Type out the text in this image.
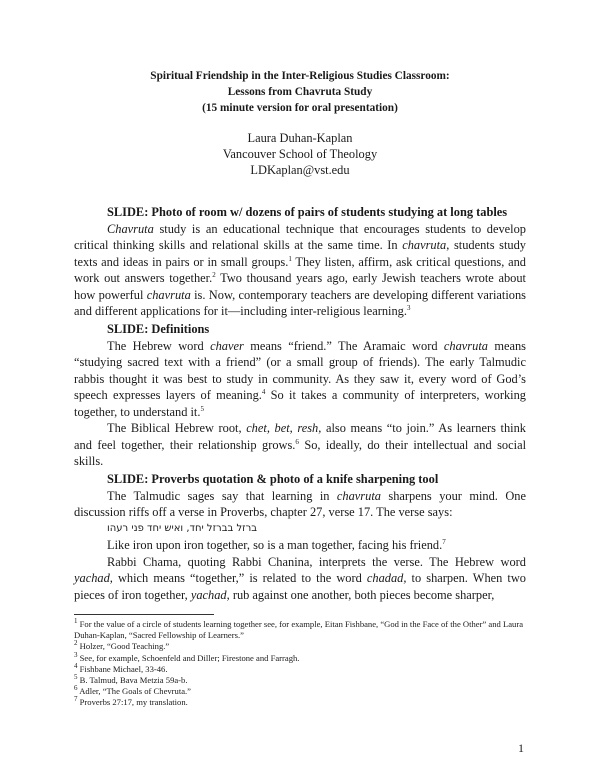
Spiritual Friendship in the Inter-Religious Studies Classroom:
Lessons from Chavruta Study
(15 minute version for oral presentation)
Laura Duhan-Kaplan
Vancouver School of Theology
LDKaplan@vst.edu
SLIDE: Photo of room w/ dozens of pairs of students studying at long tables

Chavruta study is an educational technique that encourages students to develop critical thinking skills and relational skills at the same time. In chavruta, students study texts and ideas in pairs or in small groups.$^1$ They listen, affirm, ask critical questions, and work out answers together.$^2$ Two thousand years ago, early Jewish teachers wrote about how powerful chavruta is. Now, contemporary teachers are developing different variations and different applications for it—including inter-religious learning.$^3$

SLIDE: Definitions

The Hebrew word chaver means “friend.” The Aramaic word chavruta means “studying sacred text with a friend” (or a small group of friends). The early Talmudic rabbis thought it was best to study in community. As they saw it, every word of God’s speech expresses layers of meaning.$^4$ So it takes a community of interpreters, working together, to understand it.$^5$

The Biblical Hebrew root, chet, bet, resh, also means “to join.” As learners think and feel together, their relationship grows.$^6$ So, ideally, do their intellectual and social skills.

SLIDE: Proverbs quotation & photo of a knife sharpening tool

The Talmudic sages say that learning in chavruta sharpens your mind. One discussion riffs off a verse in Proverbs, chapter 27, verse 17. The verse says:

ברזל בברזל יחד, ואיש יחד פני רעהו

Like iron upon iron together, so is a man together, facing his friend.$^7$

Rabbi Chama, quoting Rabbi Chanina, interprets the verse. The Hebrew word yachad, which means “together,” is related to the word chadad, to sharpen. When two pieces of iron together, yachad, rub against one another, both pieces become sharper,

$^1$ For the value of a circle of students learning together see, for example, Eitan Fishbane, “God in the Face of the Other” and Laura Duhan-Kaplan, “Sacred Fellowship of Learners.”
$^2$ Holzer, “Good Teaching.”
$^3$ See, for example, Schoenfeld and Diller; Firestone and Farragh.
$^4$ Fishbane Michael, 33-46.
$^5$ B. Talmud, Bava Metzia 59a-b.
$^6$ Adler, “The Goals of Chevruta.”
$^7$ Proverbs 27:17, my translation.
1
